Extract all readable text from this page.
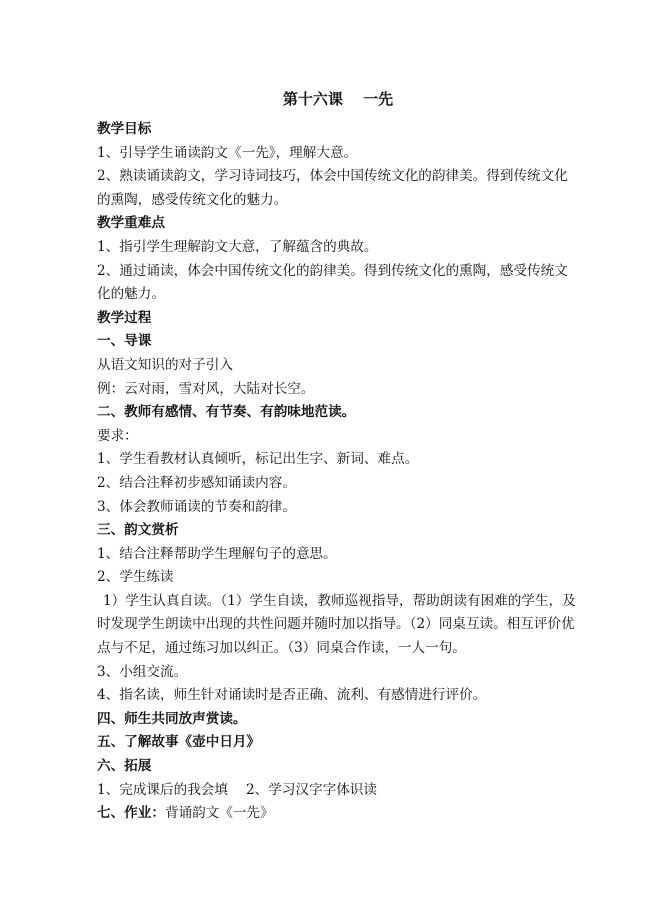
第十六课　 一先
教学目标
1、引导学生诵读韵文《一先》，理解大意。
2、熟读诵读韵文，学习诗词技巧，体会中国传统文化的韵律美。得到传统文化
的熏陶，感受传统文化的魅力。
教学重难点
1、指引学生理解韵文大意，了解蕴含的典故。
2、通过诵读，体会中国传统文化的韵律美。得到传统文化的熏陶，感受传统文
化的魅力。
教学过程
一、导课
从语文知识的对子引入
例：云对雨，雪对风，大陆对长空。
二、教师有感情、有节奏、有韵味地范读。
要求：
1、学生看教材认真倾听，标记出生字、新词、难点。
2、结合注释初步感知诵读内容。
3、体会教师诵读的节奏和韵律。
三、韵文赏析
1、结合注释帮助学生理解句子的意思。
2、学生练读
1）学生认真自读。（1）学生自读，教师巡视指导，帮助朗读有困难的学生，及
时发现学生朗读中出现的共性问题并随时加以指导。（2）同桌互读。相互评价优
点与不足，通过练习加以纠正。（3）同桌合作读，一人一句。
3、小组交流。
4、指名读，师生针对诵读时是否正确、流利、有感情进行评价。
四、师生共同放声赏读。
五、了解故事《壶中日月》
六、拓展
1、完成课后的我会填 2、学习汉字字体识读
七、作业：背诵韵文《一先》
